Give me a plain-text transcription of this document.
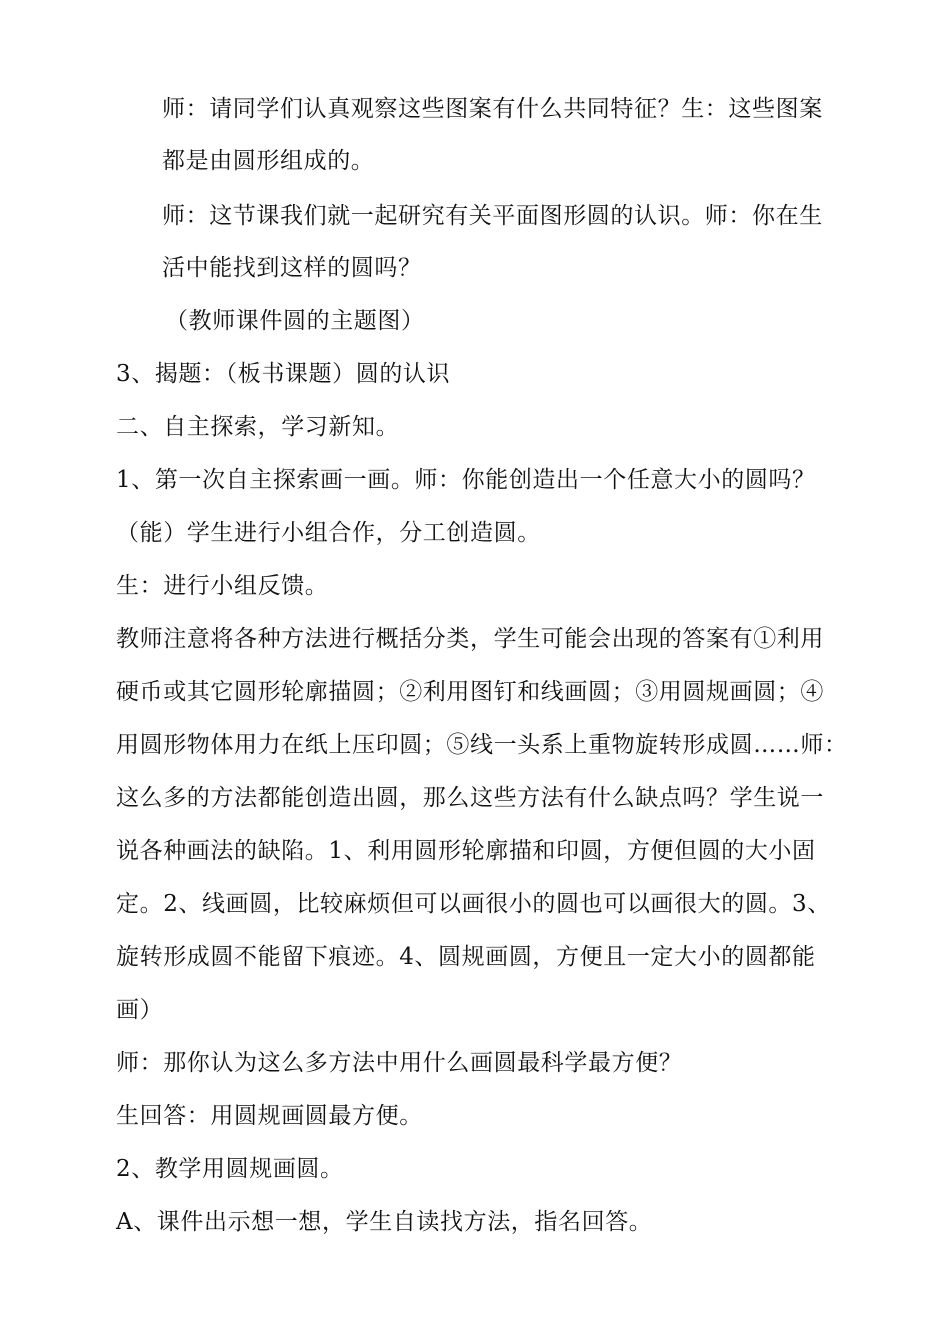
师：请同学们认真观察这些图案有什么共同特征？生：这些图案
都是由圆形组成的。
师：这节课我们就一起研究有关平面图形圆的认识。师：你在生
活中能找到这样的圆吗？
（教师课件圆的主题图）
3、揭题：（板书课题）圆的认识
二、自主探索，学习新知。
1、第一次自主探索画一画。师：你能创造出一个任意大小的圆吗？
（能）学生进行小组合作，分工创造圆。
生：进行小组反馈。
教师注意将各种方法进行概括分类，学生可能会出现的答案有①利用
硬币或其它圆形轮廓描圆；②利用图钉和线画圆；③用圆规画圆；④
用圆形物体用力在纸上压印圆；⑤线一头系上重物旋转形成圆……师：
这么多的方法都能创造出圆，那么这些方法有什么缺点吗？学生说一
说各种画法的缺陷。1、利用圆形轮廓描和印圆，方便但圆的大小固
定。2、线画圆，比较麻烦但可以画很小的圆也可以画很大的圆。3、
旋转形成圆不能留下痕迹。4、圆规画圆，方便且一定大小的圆都能
画）
师：那你认为这么多方法中用什么画圆最科学最方便？
生回答：用圆规画圆最方便。
2、教学用圆规画圆。
A、课件出示想一想，学生自读找方法，指名回答。
